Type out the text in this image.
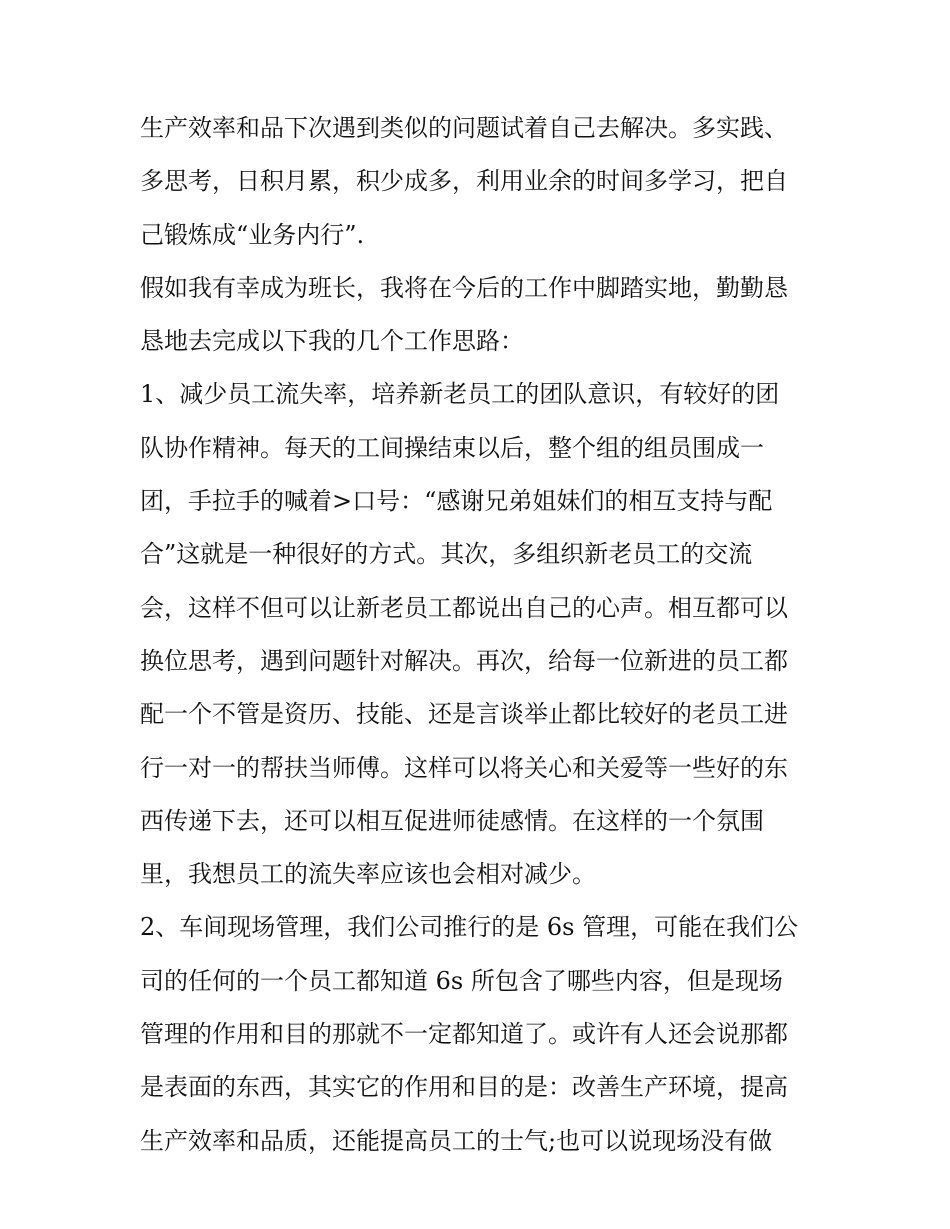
生产效率和品下次遇到类似的问题试着自己去解决。多实践、

多思考，日积月累，积少成多，利用业余的时间多学习，把自

己锻炼成“业务内行”.

假如我有幸成为班长，我将在今后的工作中脚踏实地，勤勤恳

恳地去完成以下我的几个工作思路：

1、减少员工流失率，培养新老员工的团队意识，有较好的团

队协作精神。每天的工间操结束以后，整个组的组员围成一

团，手拉手的喊着>口号：“感谢兄弟姐妹们的相互支持与配

合”这就是一种很好的方式。其次，多组织新老员工的交流

会，这样不但可以让新老员工都说出自己的心声。相互都可以

换位思考，遇到问题针对解决。再次，给每一位新进的员工都

配一个不管是资历、技能、还是言谈举止都比较好的老员工进

行一对一的帮扶当师傅。这样可以将关心和关爱等一些好的东

西传递下去，还可以相互促进师徒感情。在这样的一个氛围

里，我想员工的流失率应该也会相对减少。

2、车间现场管理，我们公司推行的是 6s 管理，可能在我们公

司的任何的一个员工都知道 6s 所包含了哪些内容，但是现场

管理的作用和目的那就不一定都知道了。或许有人还会说那都

是表面的东西，其实它的作用和目的是：改善生产环境，提高

生产效率和品质，还能提高员工的士气;也可以说现场没有做
